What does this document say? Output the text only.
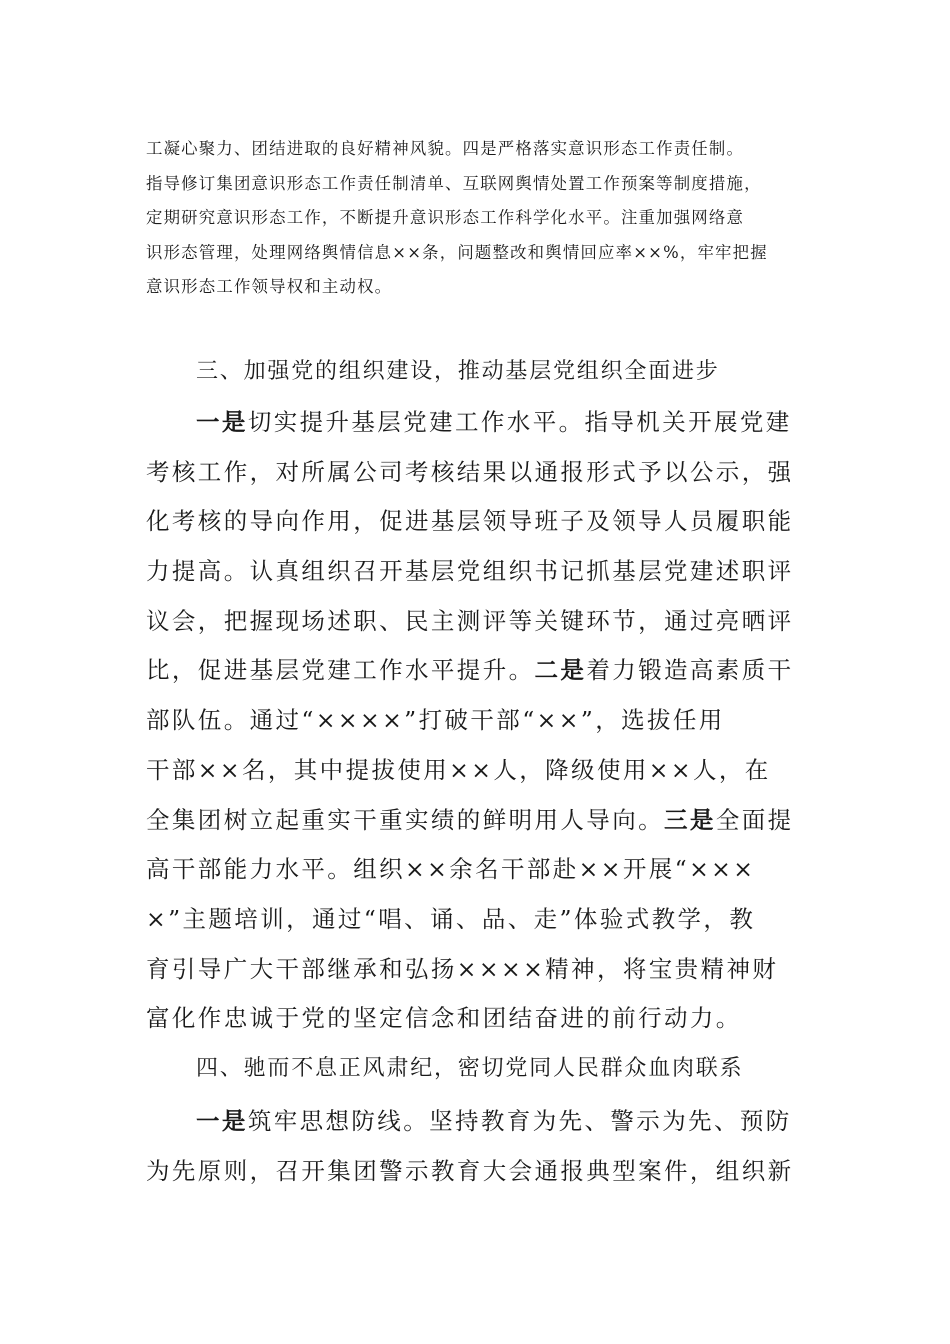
工凝心聚力、团结进取的良好精神风貌。四是严格落实意识形态工作责任制。
指导修订集团意识形态工作责任制清单、互联网舆情处置工作预案等制度措施，
定期研究意识形态工作，不断提升意识形态工作科学化水平。注重加强网络意
识形态管理，处理网络舆情信息××条，问题整改和舆情回应率××%，牢牢把握
意识形态工作领导权和主动权。
三、加强党的组织建设，推动基层党组织全面进步
一是切实提升基层党建工作水平。指导机关开展党建
考核工作，对所属公司考核结果以通报形式予以公示，强
化考核的导向作用，促进基层领导班子及领导人员履职能
力提高。认真组织召开基层党组织书记抓基层党建述职评
议会，把握现场述职、民主测评等关键环节，通过亮晒评
比，促进基层党建工作水平提升。二是着力锻造高素质干
部队伍。通过“××××”打破干部“××”，选拔任用
干部××名，其中提拔使用××人，降级使用××人，在
全集团树立起重实干重实绩的鲜明用人导向。三是全面提
高干部能力水平。组织××余名干部赴××开展“×××
×”主题培训，通过“唱、诵、品、走”体验式教学，教
育引导广大干部继承和弘扬××××精神，将宝贵精神财
富化作忠诚于党的坚定信念和团结奋进的前行动力。
四、驰而不息正风肃纪，密切党同人民群众血肉联系
一是筑牢思想防线。坚持教育为先、警示为先、预防
为先原则，召开集团警示教育大会通报典型案件，组织新
